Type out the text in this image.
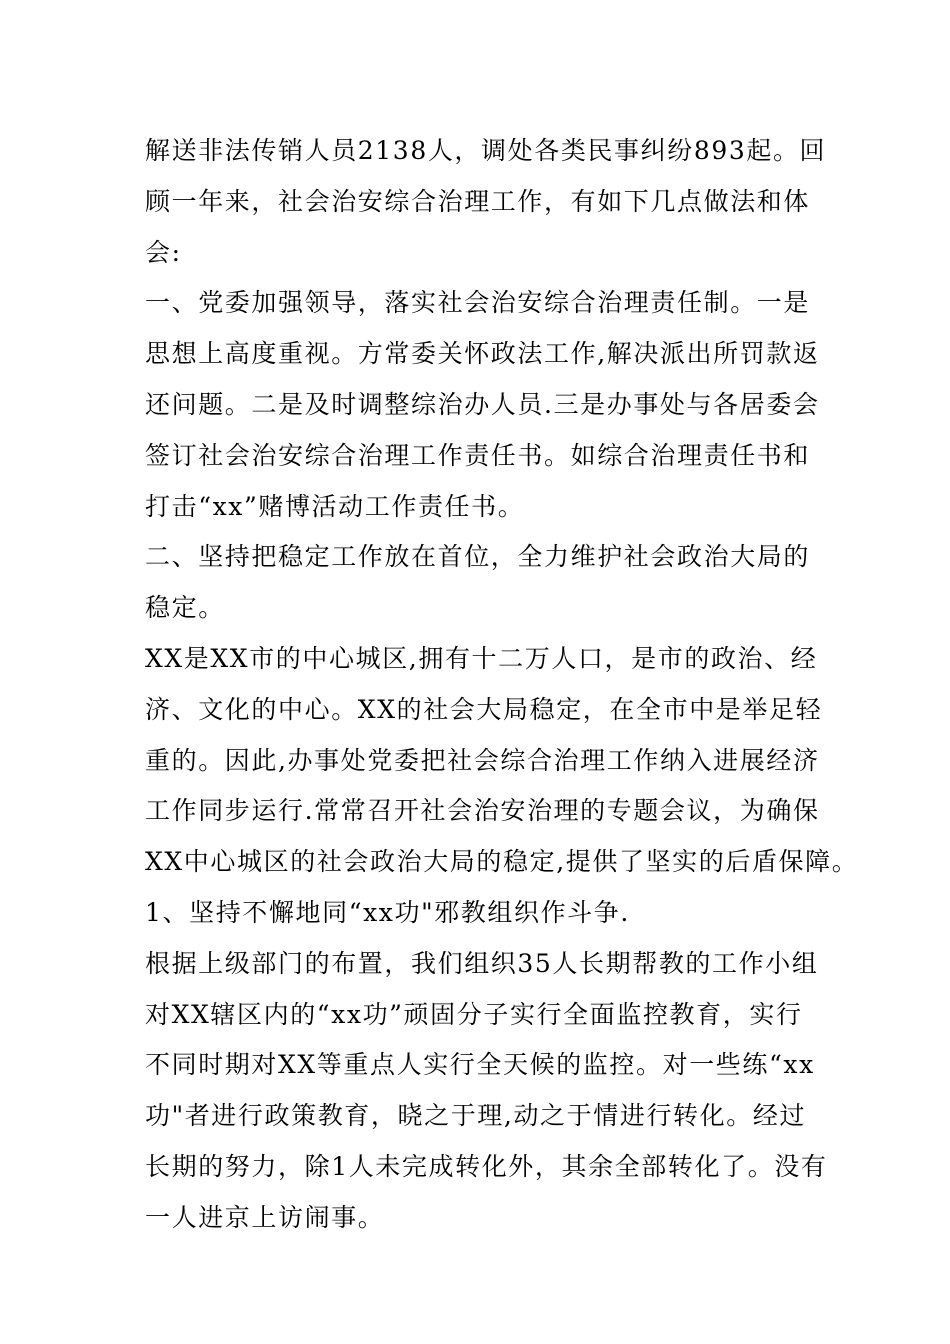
解送非法传销人员2138人，调处各类民事纠纷893起。回
顾一年来，社会治安综合治理工作，有如下几点做法和体
会:
一、党委加强领导，落实社会治安综合治理责任制。一是
思想上高度重视。方常委关怀政法工作,解决派出所罚款返
还问题。二是及时调整综治办人员.三是办事处与各居委会
签订社会治安综合治理工作责任书。如综合治理责任书和
打击“xx”赌博活动工作责任书。
二、坚持把稳定工作放在首位，全力维护社会政治大局的
稳定。
XX是XX市的中心城区,拥有十二万人口，是市的政治、经
济、文化的中心。XX的社会大局稳定，在全市中是举足轻
重的。因此,办事处党委把社会综合治理工作纳入进展经济
工作同步运行.常常召开社会治安治理的专题会议，为确保
XX中心城区的社会政治大局的稳定,提供了坚实的后盾保障。
1、坚持不懈地同“xx功"邪教组织作斗争.
根据上级部门的布置，我们组织35人长期帮教的工作小组
对XX辖区内的“xx功”顽固分子实行全面监控教育，实行
不同时期对XX等重点人实行全天候的监控。对一些练“xx
功"者进行政策教育，晓之于理,动之于情进行转化。经过
长期的努力，除1人未完成转化外，其余全部转化了。没有
一人进京上访闹事。
